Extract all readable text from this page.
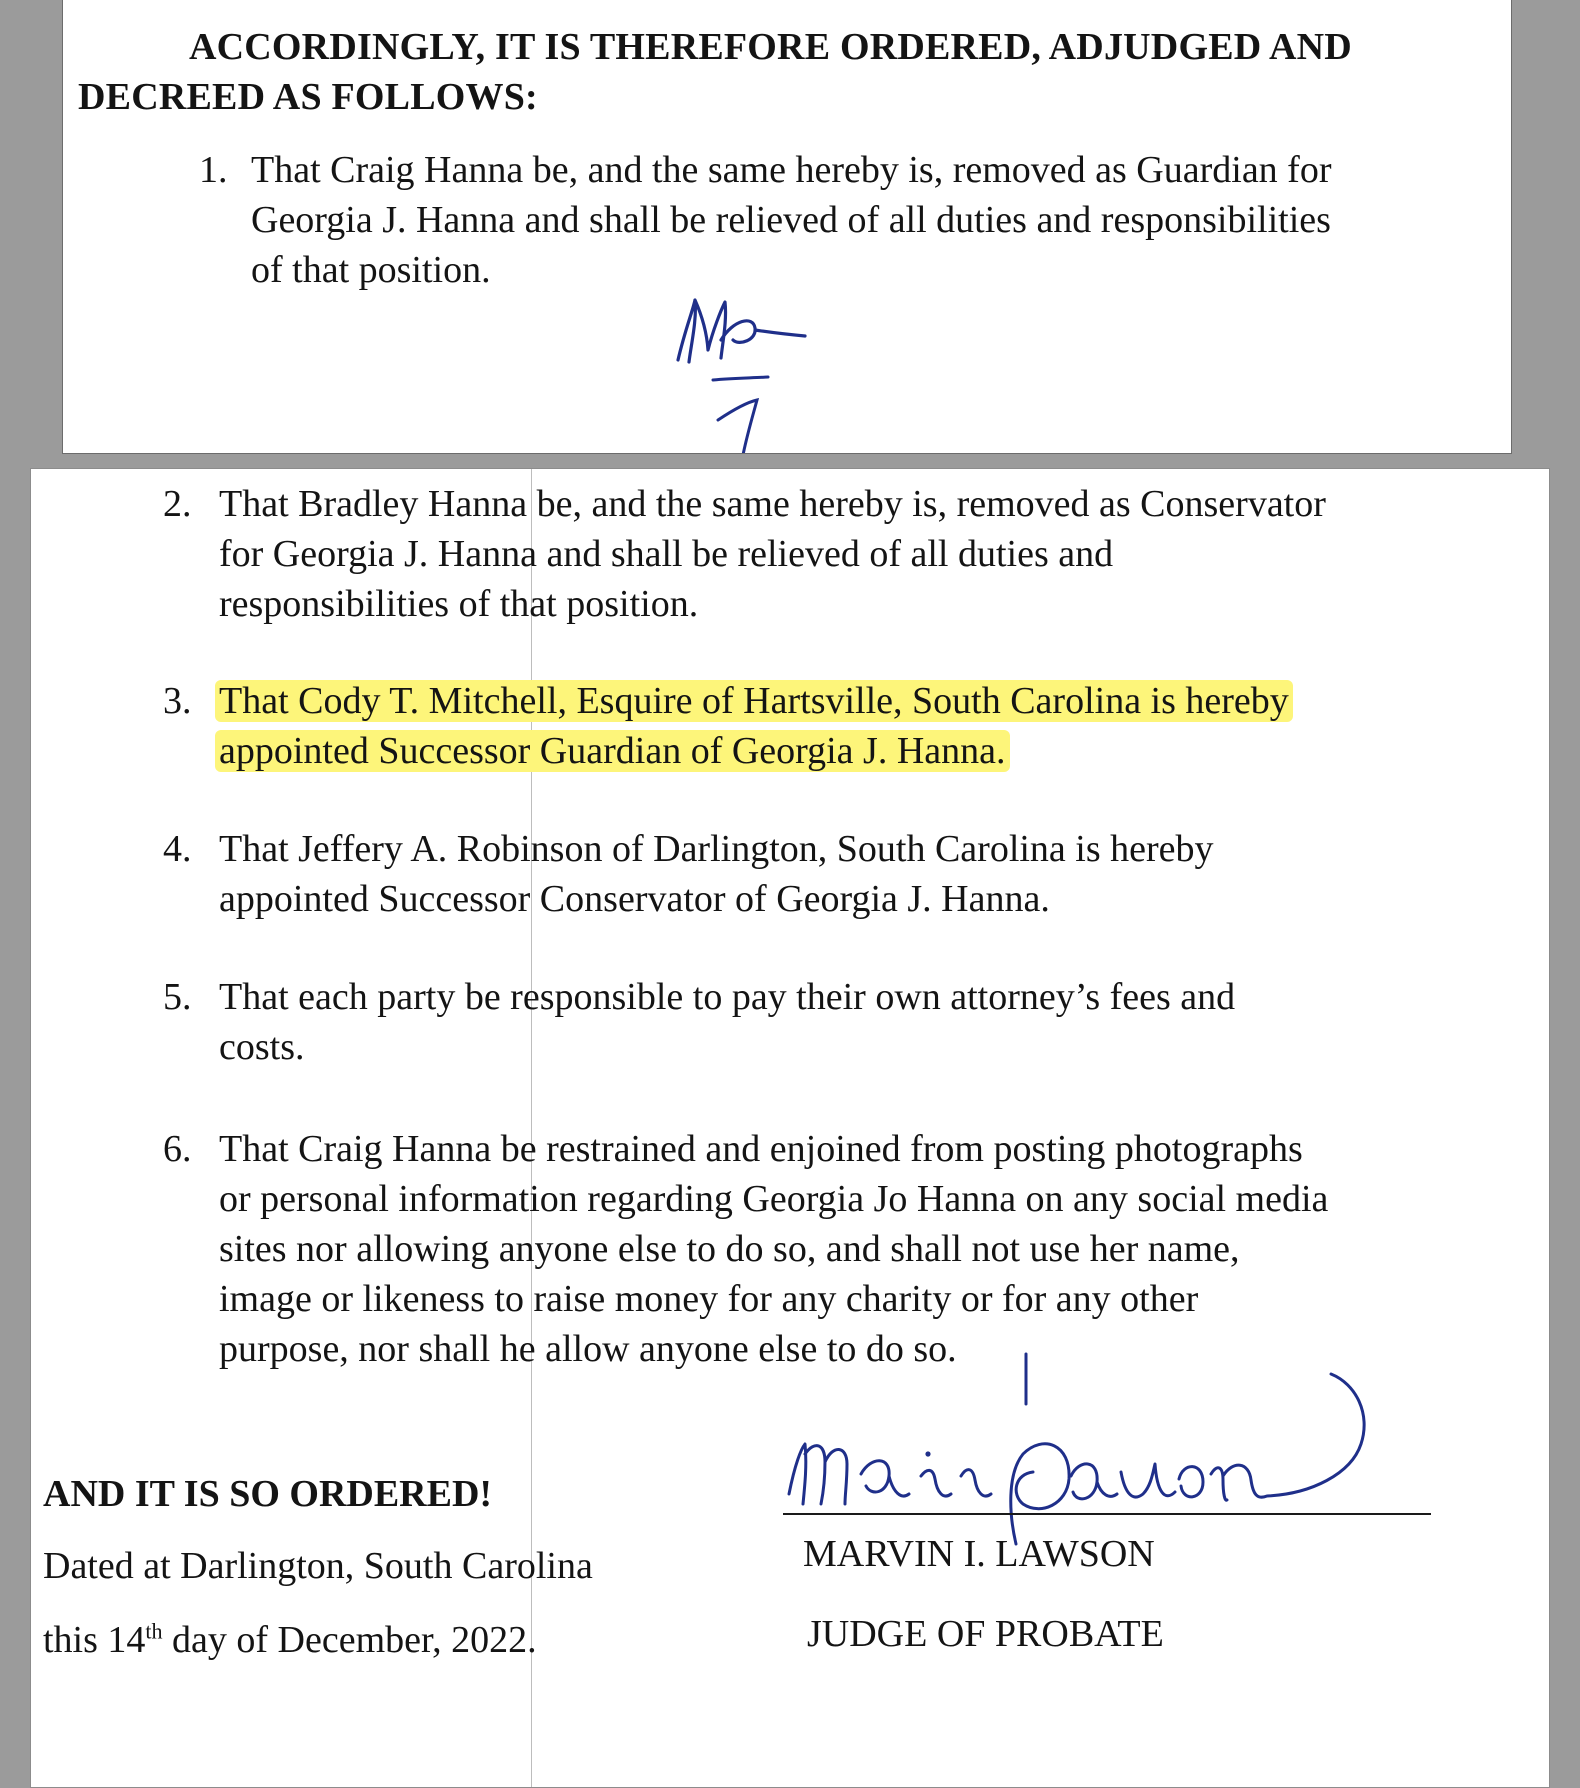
ACCORDINGLY, IT IS THEREFORE ORDERED, ADJUDGED AND
DECREED AS FOLLOWS:
1. That Craig Hanna be, and the same hereby is, removed as Guardian for
Georgia J. Hanna and shall be relieved of all duties and responsibilities
of that position.
2. That Bradley Hanna be, and the same hereby is, removed as Conservator
for Georgia J. Hanna and shall be relieved of all duties and
responsibilities of that position.
3. That Cody T. Mitchell, Esquire of Hartsville, South Carolina is hereby
appointed Successor Guardian of Georgia J. Hanna.
4. That Jeffery A. Robinson of Darlington, South Carolina is hereby
appointed Successor Conservator of Georgia J. Hanna.
5. That each party be responsible to pay their own attorney’s fees and
costs.
6. That Craig Hanna be restrained and enjoined from posting photographs
or personal information regarding Georgia Jo Hanna on any social media
sites nor allowing anyone else to do so, and shall not use her name,
image or likeness to raise money for any charity or for any other
purpose, nor shall he allow anyone else to do so.
AND IT IS SO ORDERED!
Dated at Darlington, South Carolina
this 14th day of December, 2022.
MARVIN I. LAWSON
JUDGE OF PROBATE
